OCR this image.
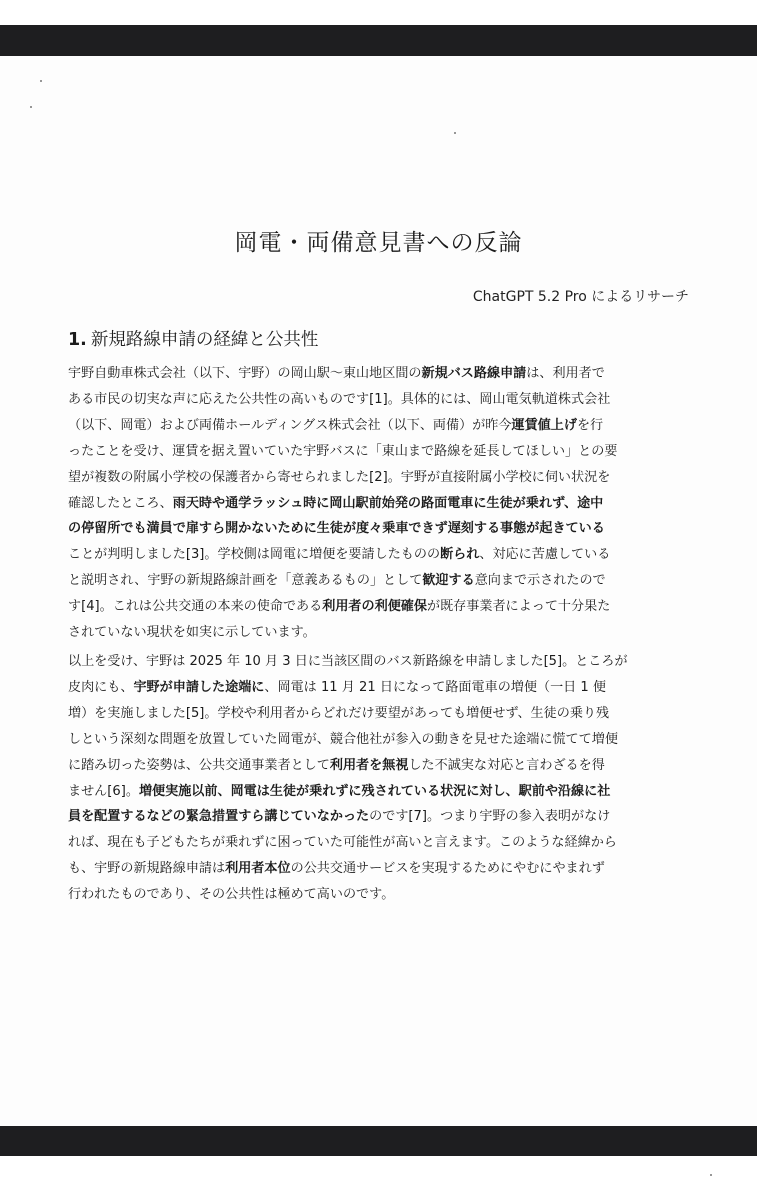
岡電・両備意見書への反論
ChatGPT 5.2 Pro によるリサーチ
1. 新規路線申請の経緯と公共性
宇野自動車株式会社（以下、宇野）の岡山駅〜東山地区間の新規バス路線申請は、利用者で
ある市民の切実な声に応えた公共性の高いものです[1]。具体的には、岡山電気軌道株式会社
（以下、岡電）および両備ホールディングス株式会社（以下、両備）が昨今運賃値上げを行
ったことを受け、運賃を据え置いていた宇野バスに「東山まで路線を延長してほしい」との要
望が複数の附属小学校の保護者から寄せられました[2]。宇野が直接附属小学校に伺い状況を
確認したところ、雨天時や通学ラッシュ時に岡山駅前始発の路面電車に生徒が乗れず、途中
の停留所でも満員で扉すら開かないために生徒が度々乗車できず遅刻する事態が起きている
ことが判明しました[3]。学校側は岡電に増便を要請したものの断られ、対応に苦慮している
と説明され、宇野の新規路線計画を「意義あるもの」として歓迎する意向まで示されたので
す[4]。これは公共交通の本来の使命である利用者の利便確保が既存事業者によって十分果た
されていない現状を如実に示しています。
以上を受け、宇野は 2025 年 10 月 3 日に当該区間のバス新路線を申請しました[5]。ところが
皮肉にも、宇野が申請した途端に、岡電は 11 月 21 日になって路面電車の増便（一日 1 便
増）を実施しました[5]。学校や利用者からどれだけ要望があっても増便せず、生徒の乗り残
しという深刻な問題を放置していた岡電が、競合他社が参入の動きを見せた途端に慌てて増便
に踏み切った姿勢は、公共交通事業者として利用者を無視した不誠実な対応と言わざるを得
ません[6]。増便実施以前、岡電は生徒が乗れずに残されている状況に対し、駅前や沿線に社
員を配置するなどの緊急措置すら講じていなかったのです[7]。つまり宇野の参入表明がなけ
れば、現在も子どもたちが乗れずに困っていた可能性が高いと言えます。このような経緯から
も、宇野の新規路線申請は利用者本位の公共交通サービスを実現するためにやむにやまれず
行われたものであり、その公共性は極めて高いのです。
